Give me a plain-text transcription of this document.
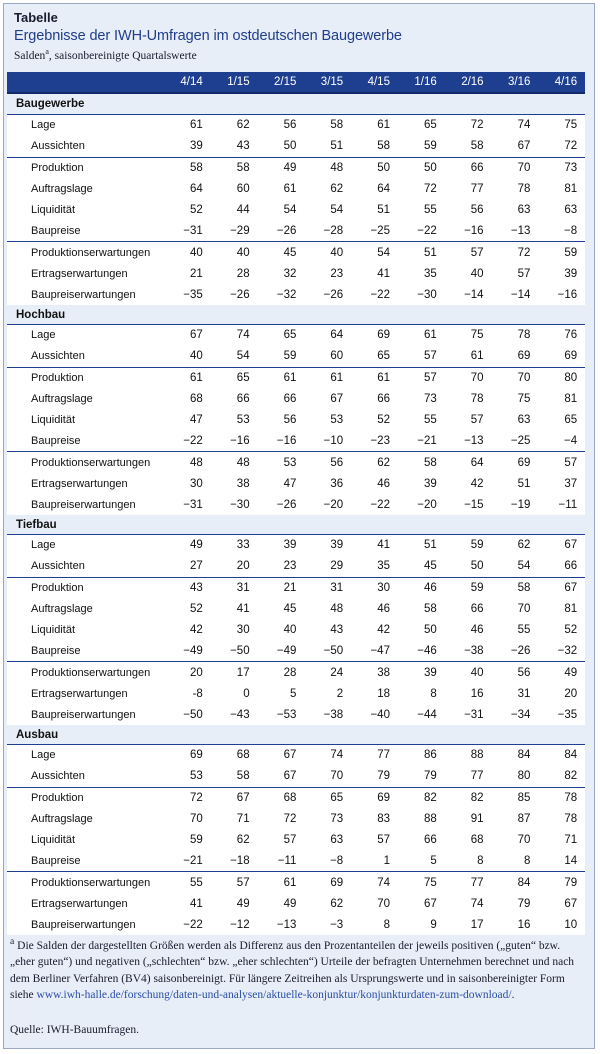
Tabelle
Ergebnisse der IWH-Umfragen im ostdeutschen Baugewerbe
Salden$^a$, saisonbereinigte Quartalswerte
	4/14	1/15	2/15	3/15	4/15	1/16	2/16	3/16	4/16
Baugewerbe									
Lage	61	62	56	58	61	65	72	74	75
Aussichten	39	43	50	51	58	59	58	67	72
Produktion	58	58	49	48	50	50	66	70	73
Auftragslage	64	60	61	62	64	72	77	78	81
Liquidität	52	44	54	54	51	55	56	63	63
Baupreise	−31	−29	−26	−28	−25	−22	−16	−13	−8
Produktionserwartungen	40	40	45	40	54	51	57	72	59
Ertragserwartungen	21	28	32	23	41	35	40	57	39
Baupreiserwartungen	−35	−26	−32	−26	−22	−30	−14	−14	−16
Hochbau									
Lage	67	74	65	64	69	61	75	78	76
Aussichten	40	54	59	60	65	57	61	69	69
Produktion	61	65	61	61	61	57	70	70	80
Auftragslage	68	66	66	67	66	73	78	75	81
Liquidität	47	53	56	53	52	55	57	63	65
Baupreise	−22	−16	−16	−10	−23	−21	−13	−25	−4
Produktionserwartungen	48	48	53	56	62	58	64	69	57
Ertragserwartungen	30	38	47	36	46	39	42	51	37
Baupreiserwartungen	−31	−30	−26	−20	−22	−20	−15	−19	−11
Tiefbau									
Lage	49	33	39	39	41	51	59	62	67
Aussichten	27	20	23	29	35	45	50	54	66
Produktion	43	31	21	31	30	46	59	58	67
Auftragslage	52	41	45	48	46	58	66	70	81
Liquidität	42	30	40	43	42	50	46	55	52
Baupreise	−49	−50	−49	−50	−47	−46	−38	−26	−32
Produktionserwartungen	20	17	28	24	38	39	40	56	49
Ertragserwartungen	-8	0	5	2	18	8	16	31	20
Baupreiserwartungen	−50	−43	−53	−38	−40	−44	−31	−34	−35
Ausbau									
Lage	69	68	67	74	77	86	88	84	84
Aussichten	53	58	67	70	79	79	77	80	82
Produktion	72	67	68	65	69	82	82	85	78
Auftragslage	70	71	72	73	83	88	91	87	78
Liquidität	59	62	57	63	57	66	68	70	71
Baupreise	−21	−18	−11	−8	1	5	8	8	14
Produktionserwartungen	55	57	61	69	74	75	77	84	79
Ertragserwartungen	41	49	49	62	70	67	74	79	67
Baupreiserwartungen	−22	−12	−13	−3	8	9	17	16	10
$^a$ Die Salden der dargestellten Größen werden als Differenz aus den Prozentanteilen der jeweils positiven („guten“ bzw. „eher guten“) und negativen („schlechten“ bzw. „eher schlechten“) Urteile der befragten Unternehmen berechnet und nach dem Berliner Verfahren (BV4) saisonbereinigt. Für längere Zeitreihen als Ursprungswerte und in saisonbereinigter Form siehe www.iwh-halle.de/forschung/daten-und-analysen/aktuelle-konjunktur/konjunkturdaten-zum-download/.
Quelle: IWH-Bauumfragen.
